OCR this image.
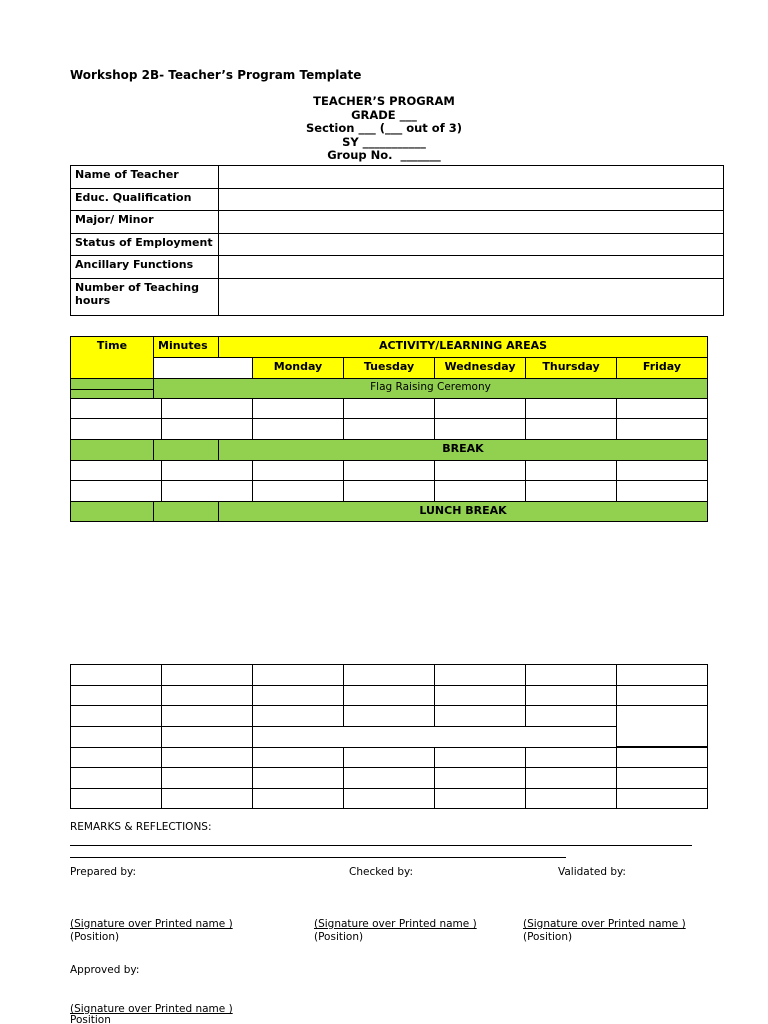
Workshop 2B- Teacher’s Program Template
TEACHER’S PROGRAM
GRADE ___
Section ___ (___ out of 3)
SY ___________
Group No.  _______
Name of Teacher
Educ. Qualification
Major/ Minor
Status of Employment
Ancillary Functions
Number of Teaching hours
Time	Minutes	ACTIVITY/LEARNING AREAS
Monday	Tuesday	Wednesday Thursday	Friday
Flag Raising Ceremony
BREAK
LUNCH BREAK
REMARKS & REFLECTIONS:
Prepared by:	Checked by:	Validated by:
(Signature over Printed name )
(Position)
(Signature over Printed name )
(Position)
(Signature over Printed name )
(Position)
Approved by:
(Signature over Printed name )
Position
